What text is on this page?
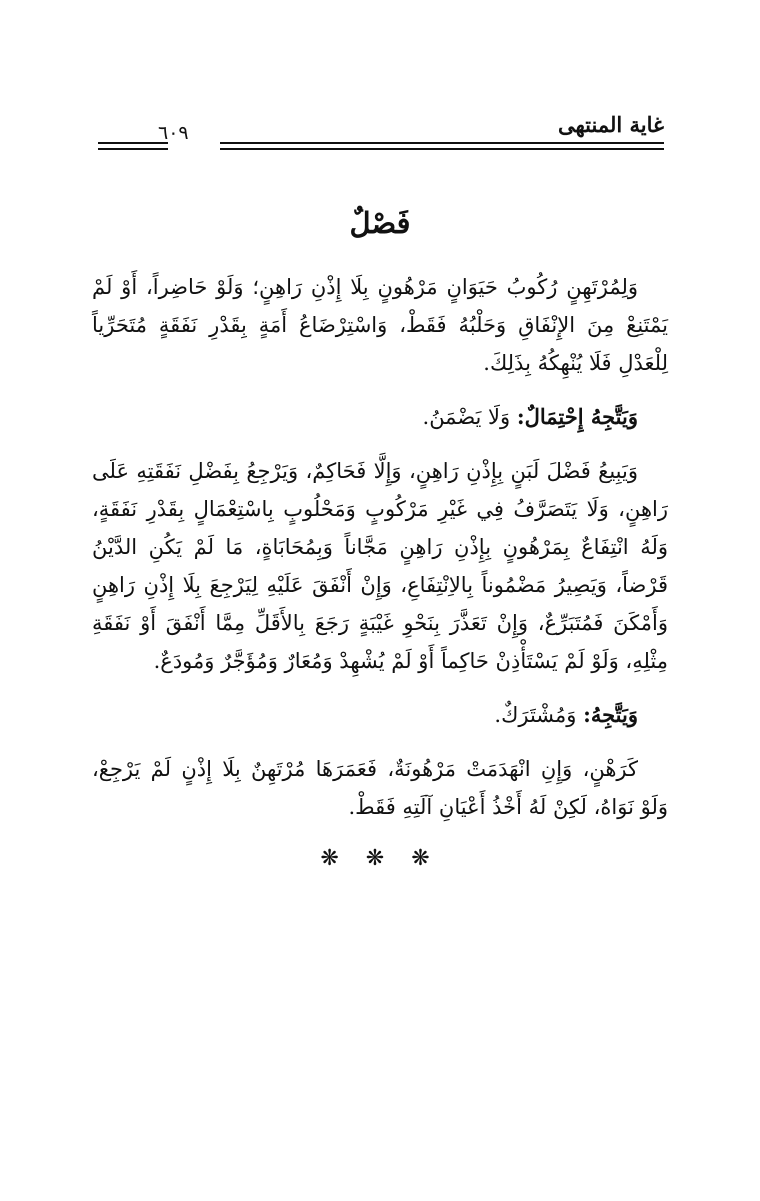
غاية المنتهى
٦٠٩
فَصْلٌ

وَلِمُرْتَهِنٍ رُكُوبُ حَيَوَانٍ مَرْهُونٍ بِلَا إِذْنِ رَاهِنٍ؛ وَلَوْ حَاضِراً، أَوْ لَمْ يَمْتَنِعْ مِنَ الإِنْفَاقِ وَحَلْبُهُ فَقَطْ، وَاسْتِرْضَاعُ أَمَةٍ بِقَدْرِ نَفَقَةٍ مُتَحَرِّياً لِلْعَدْلِ فَلَا يُنْهِكُهُ بِذَلِكَ.

وَيَتَّجِهُ إِحْتِمَالٌ: وَلَا يَضْمَنُ.

وَيَبِيعُ فَضْلَ لَبَنٍ بِإِذْنِ رَاهِنٍ، وَإِلَّا فَحَاكِمٌ، وَيَرْجِعُ بِفَضْلِ نَفَقَتِهِ عَلَى رَاهِنٍ، وَلَا يَتَصَرَّفُ فِي غَيْرِ مَرْكُوبٍ وَمَحْلُوبٍ بِاسْتِعْمَالٍ بِقَدْرِ نَفَقَةٍ، وَلَهُ انْتِفَاعٌ بِمَرْهُونٍ بِإِذْنِ رَاهِنٍ مَجَّاناً وَبِمُحَابَاةٍ، مَا لَمْ يَكُنِ الدَّيْنُ قَرْضاً، وَيَصِيرُ مَضْمُوناً بِالاِنْتِفَاعِ، وَإِنْ أَنْفَقَ عَلَيْهِ لِيَرْجِعَ بِلَا إِذْنِ رَاهِنٍ وَأَمْكَنَ فَمُتَبَرِّعٌ، وَإِنْ تَعَذَّرَ بِنَحْوِ غَيْبَةٍ رَجَعَ بِالأَقَلِّ مِمَّا أَنْفَقَ أَوْ نَفَقَةِ مِثْلِهِ، وَلَوْ لَمْ يَسْتَأْذِنْ حَاكِماً أَوْ لَمْ يُشْهِدْ وَمُعَارٌ وَمُؤَجَّرٌ وَمُودَعٌ.

وَيَتَّجِهُ: وَمُشْتَرَكٌ.

كَرَهْنٍ، وَإِنِ انْهَدَمَتْ مَرْهُونَةٌ، فَعَمَرَهَا مُرْتَهِنٌ بِلَا إِذْنٍ لَمْ يَرْجِعْ، وَلَوْ نَوَاهُ، لَكِنْ لَهُ أَخْذُ أَعْيَانِ آلَتِهِ فَقَطْ.

❋ ❋ ❋
